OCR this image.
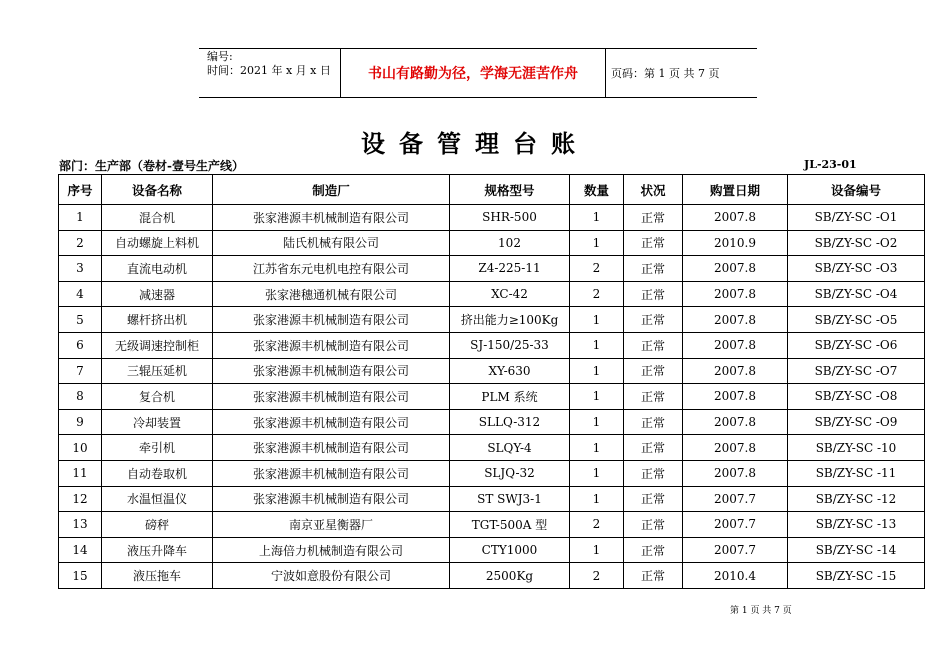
编号:
时间：2021 年 x 月 x 日	书山有路勤为径，学海无涯苦作舟	页码：第 1 页 共 7 页
设备管理台账
部门：生产部（卷材-壹号生产线）	JL-23-01
序号	设备名称	制造厂	规格型号	数量	状况	购置日期	设备编号
1	混合机	张家港源丰机械制造有限公司	SHR-500	1	正常	2007.8	SB/ZY-SC -O1
2	自动螺旋上料机	陆氏机械有限公司	102	1	正常	2010.9	SB/ZY-SC -O2
3	直流电动机	江苏省东元电机电控有限公司	Z4-225-11	2	正常	2007.8	SB/ZY-SC -O3
4	减速器	张家港穗通机械有限公司	XC-42	2	正常	2007.8	SB/ZY-SC -O4
5	螺杆挤出机	张家港源丰机械制造有限公司	挤出能力≥100Kg	1	正常	2007.8	SB/ZY-SC -O5
6	无级调速控制柜	张家港源丰机械制造有限公司	SJ-150/25-33	1	正常	2007.8	SB/ZY-SC -O6
7	三辊压延机	张家港源丰机械制造有限公司	XY-630	1	正常	2007.8	SB/ZY-SC -O7
8	复合机	张家港源丰机械制造有限公司	PLM 系统	1	正常	2007.8	SB/ZY-SC -O8
9	冷却装置	张家港源丰机械制造有限公司	SLLQ-312	1	正常	2007.8	SB/ZY-SC -O9
10	牵引机	张家港源丰机械制造有限公司	SLQY-4	1	正常	2007.8	SB/ZY-SC -10
11	自动卷取机	张家港源丰机械制造有限公司	SLJQ-32	1	正常	2007.8	SB/ZY-SC -11
12	水温恒温仪	张家港源丰机械制造有限公司	ST SWJ3-1	1	正常	2007.7	SB/ZY-SC -12
13	磅秤	南京亚星衡器厂	TGT-500A 型	2	正常	2007.7	SB/ZY-SC -13
14	液压升降车	上海倍力机械制造有限公司	CTY1000	1	正常	2007.7	SB/ZY-SC -14
15	液压拖车	宁波如意股份有限公司	2500Kg	2	正常	2010.4	SB/ZY-SC -15
第 1 页 共 7 页
